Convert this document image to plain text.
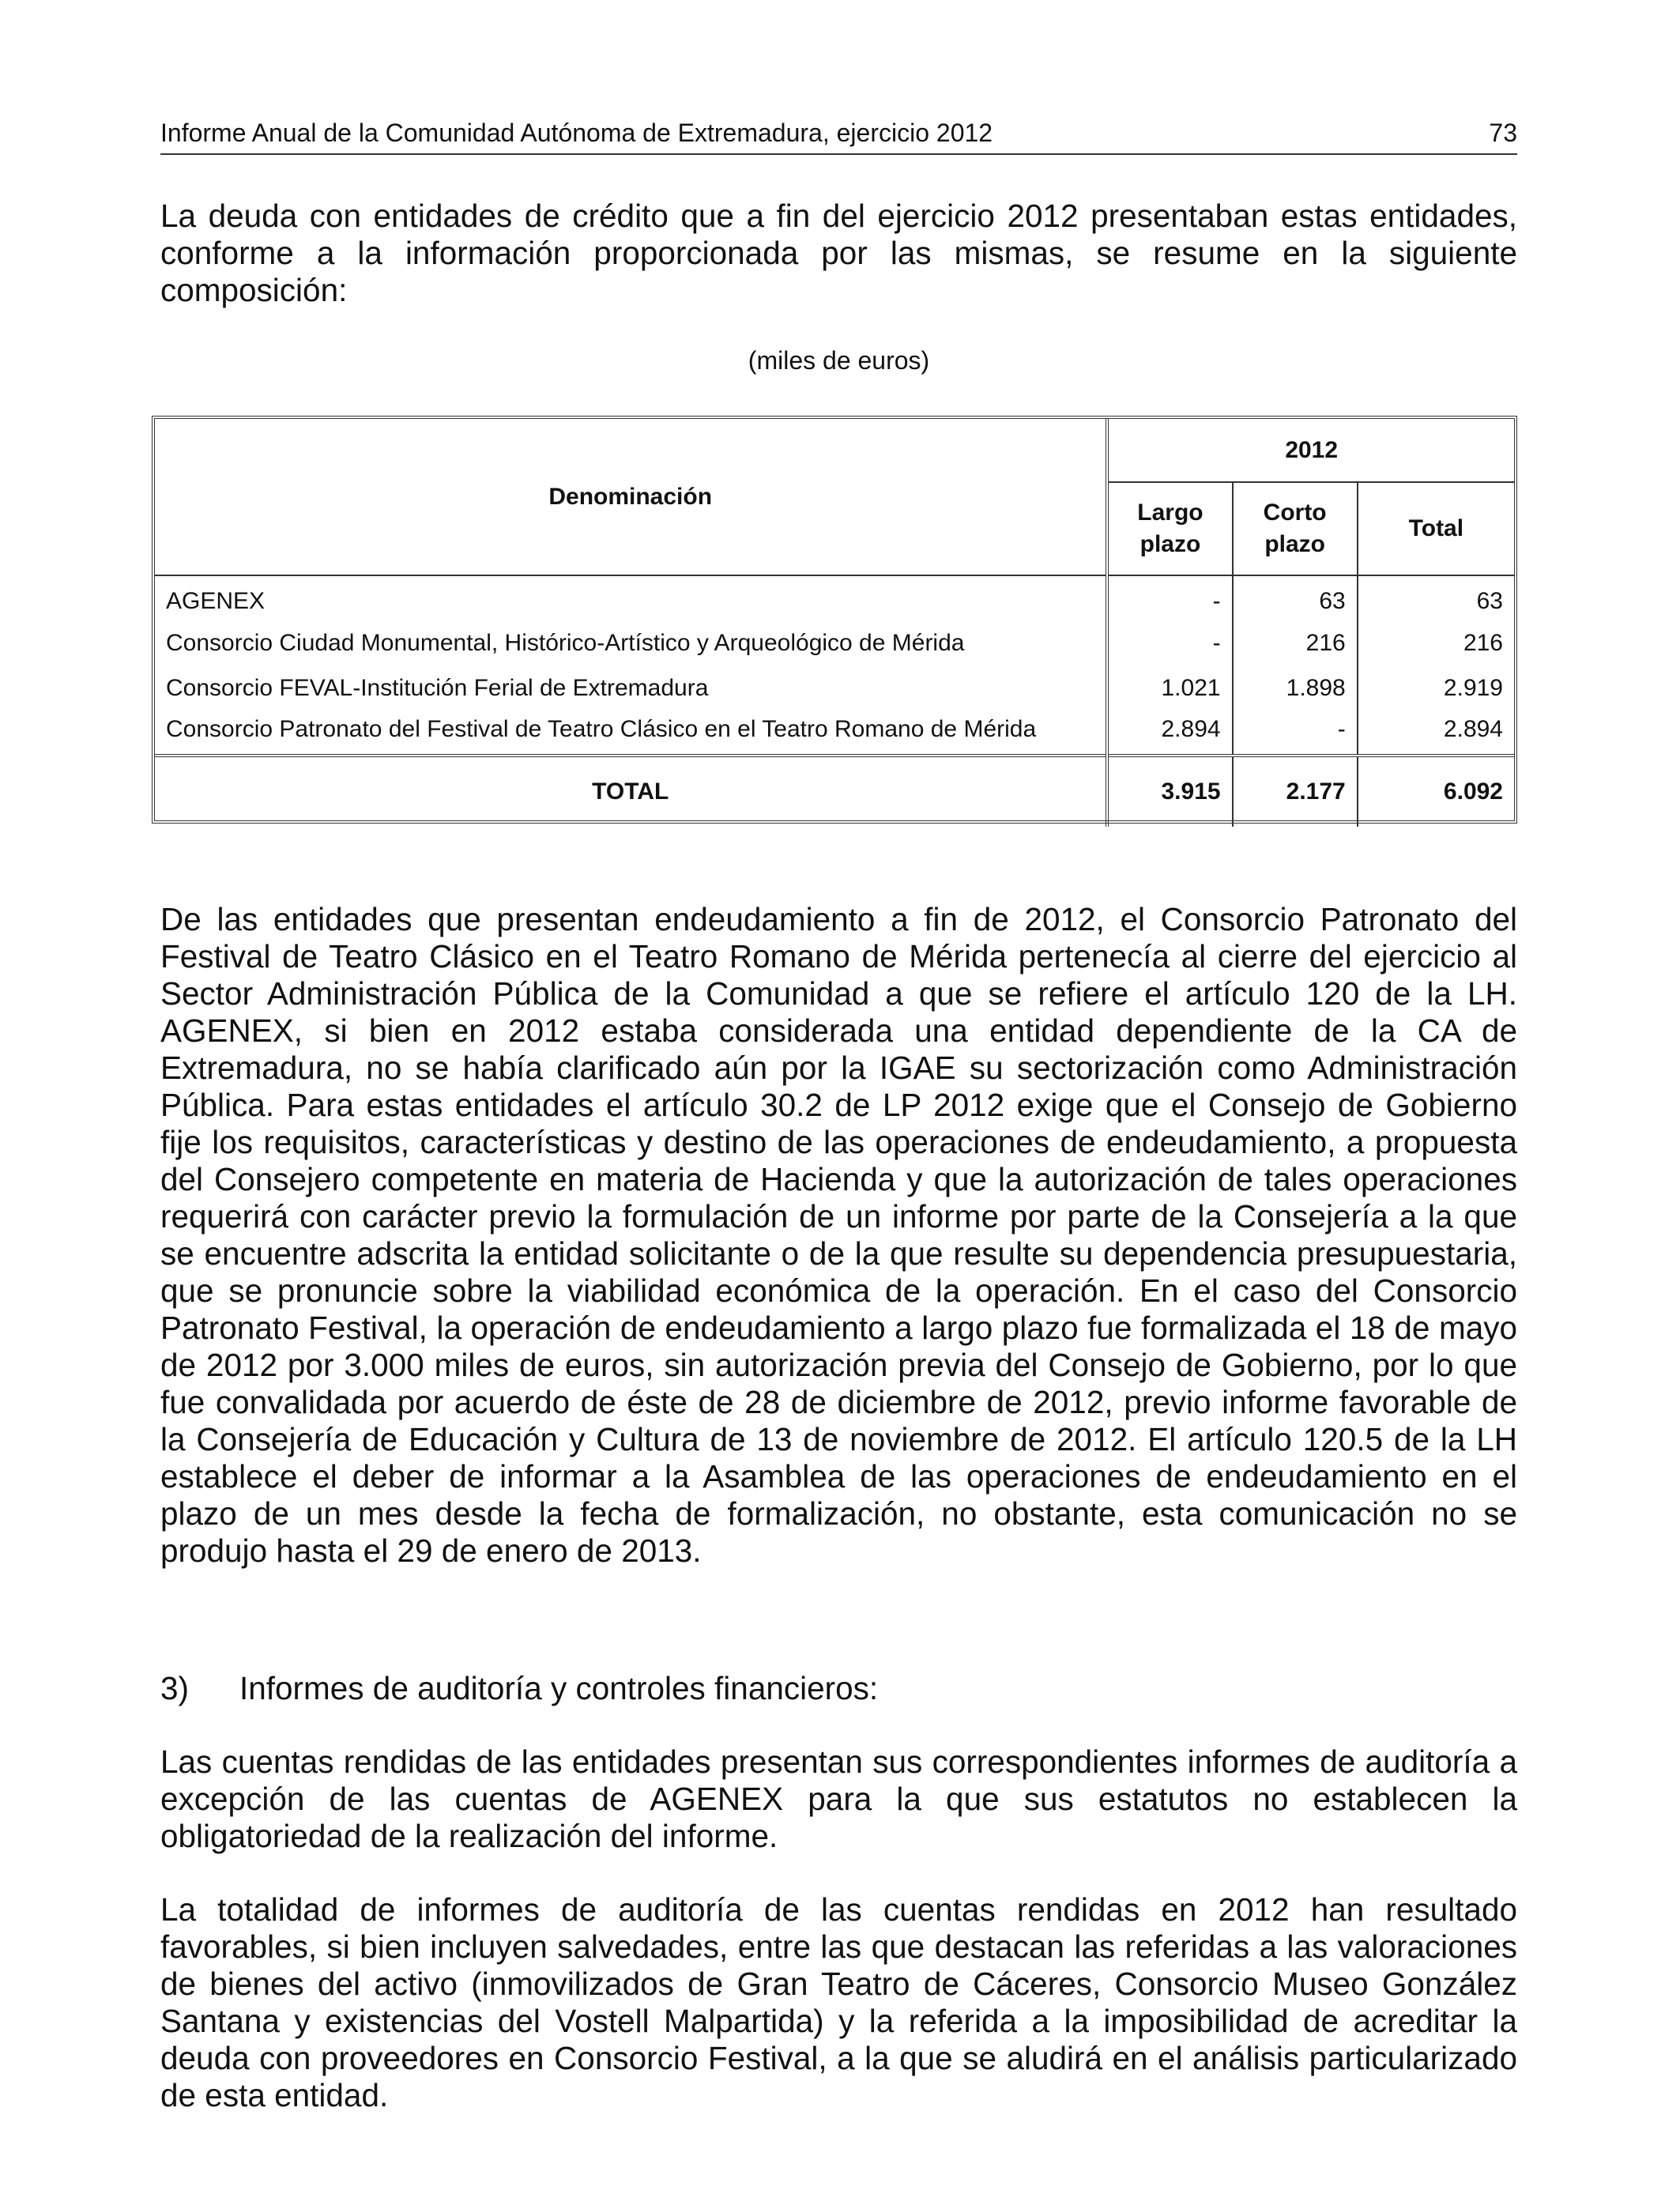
Informe Anual de la Comunidad Autónoma de Extremadura, ejercicio 2012	73

La deuda con entidades de crédito que a fin del ejercicio 2012 presentaban estas entidades, conforme a la información proporcionada por las mismas, se resume en la siguiente composición:

(miles de euros)
Denominación	2012		
	Largo plazo	Corto plazo	Total
AGENEX	-	63	63
Consorcio Ciudad Monumental, Histórico-Artístico y Arqueológico de Mérida	-	216	216
Consorcio FEVAL-Institución Ferial de Extremadura	1.021	1.898	2.919
Consorcio Patronato del Festival de Teatro Clásico en el Teatro Romano de Mérida	2.894	-	2.894
TOTAL	3.915	2.177	6.092

De las entidades que presentan endeudamiento a fin de 2012, el Consorcio Patronato del Festival de Teatro Clásico en el Teatro Romano de Mérida pertenecía al cierre del ejercicio al Sector Administración Pública de la Comunidad a que se refiere el artículo 120 de la LH. AGENEX, si bien en 2012 estaba considerada una entidad dependiente de la CA de Extremadura, no se había clarificado aún por la IGAE su sectorización como Administración Pública. Para estas entidades el artículo 30.2 de LP 2012 exige que el Consejo de Gobierno fije los requisitos, características y destino de las operaciones de endeudamiento, a propuesta del Consejero competente en materia de Hacienda y que la autorización de tales operaciones requerirá con carácter previo la formulación de un informe por parte de la Consejería a la que se encuentre adscrita la entidad solicitante o de la que resulte su dependencia presupuestaria, que se pronuncie sobre la viabilidad económica de la operación. En el caso del Consorcio Patronato Festival, la operación de endeudamiento a largo plazo fue formalizada el 18 de mayo de 2012 por 3.000 miles de euros, sin autorización previa del Consejo de Gobierno, por lo que fue convalidada por acuerdo de éste de 28 de diciembre de 2012, previo informe favorable de la Consejería de Educación y Cultura de 13 de noviembre de 2012. El artículo 120.5 de la LH establece el deber de informar a la Asamblea de las operaciones de endeudamiento en el plazo de un mes desde la fecha de formalización, no obstante, esta comunicación no se produjo hasta el 29 de enero de 2013.

3) Informes de auditoría y controles financieros:

Las cuentas rendidas de las entidades presentan sus correspondientes informes de auditoría a excepción de las cuentas de AGENEX para la que sus estatutos no establecen la obligatoriedad de la realización del informe.

La totalidad de informes de auditoría de las cuentas rendidas en 2012 han resultado favorables, si bien incluyen salvedades, entre las que destacan las referidas a las valoraciones de bienes del activo (inmovilizados de Gran Teatro de Cáceres, Consorcio Museo González Santana y existencias del Vostell Malpartida) y la referida a la imposibilidad de acreditar la deuda con proveedores en Consorcio Festival, a la que se aludirá en el análisis particularizado de esta entidad.
